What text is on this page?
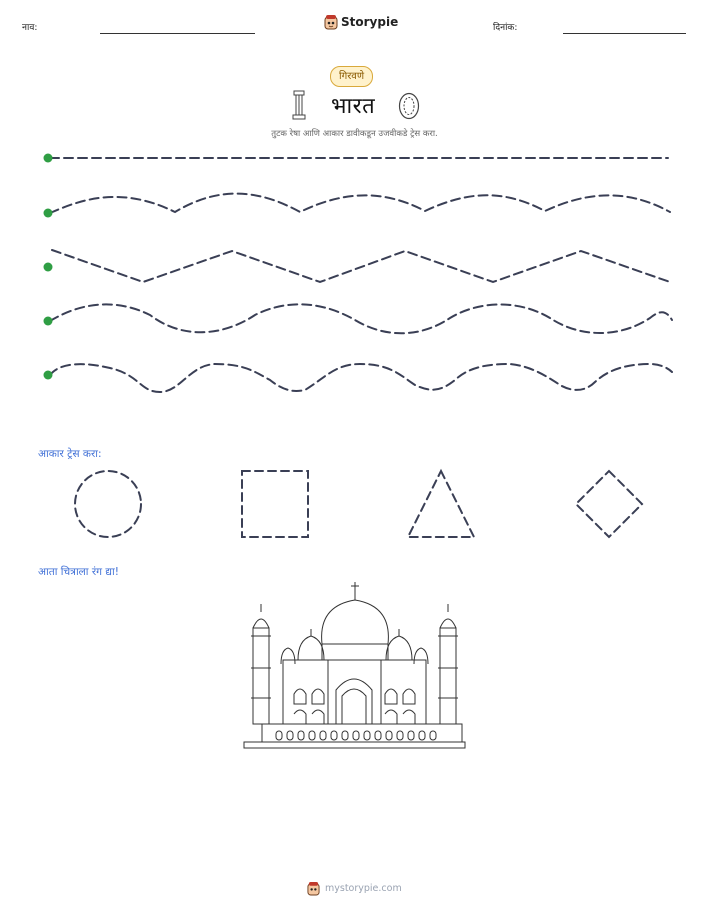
नाव:	Storypie	दिनांक:
गिरवणे
भारत
तुटक रेषा आणि आकार डावीकडून उजवीकडे ट्रेस करा.
आकार ट्रेस करा:
आता चित्राला रंग द्या!
mystorypie.com
